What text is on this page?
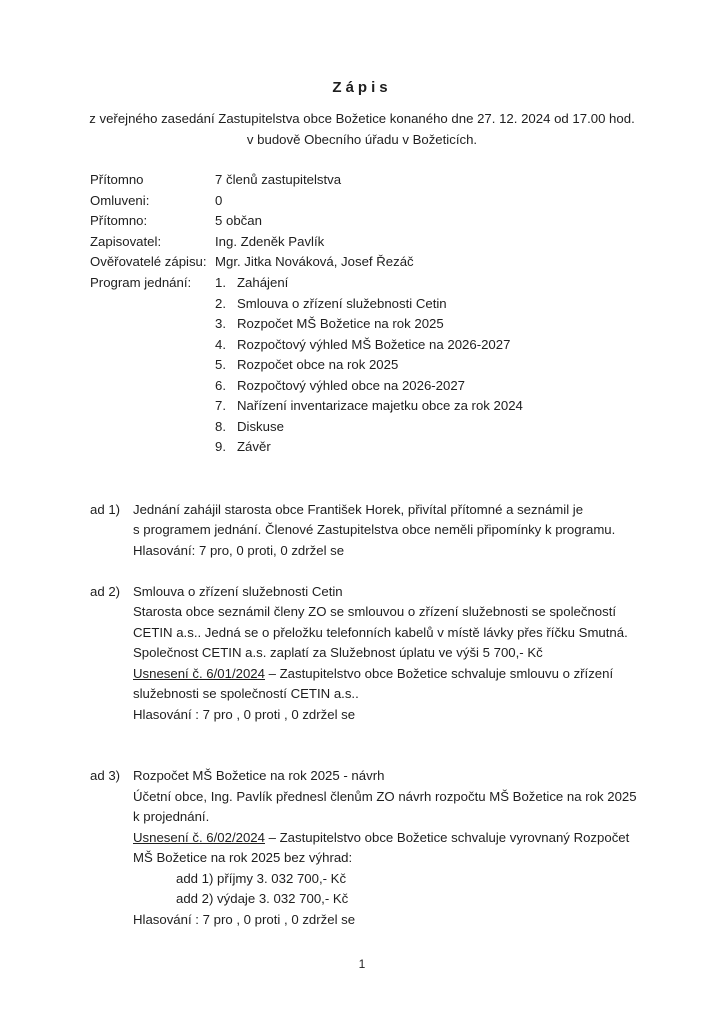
Zápis
z veřejného zasedání Zastupitelstva obce Božetice konaného dne 27. 12. 2024 od 17.00 hod.
v budově Obecního úřadu v Božeticích.
Přítomno	7 členů zastupitelstva
Omluveni:	0
Přítomno:	5 občan
Zapisovatel:	Ing. Zdeněk Pavlík
Ověřovatelé zápisu: Mgr. Jitka Nováková, Josef Řezáč
Program jednání: 1. Zahájení
2. Smlouva o zřízení služebnosti Cetin
3. Rozpočet MŠ Božetice na rok 2025
4. Rozpočtový výhled MŠ Božetice na 2026-2027
5. Rozpočet obce na rok 2025
6. Rozpočtový výhled obce na 2026-2027
7. Nařízení inventarizace majetku obce za rok 2024
8. Diskuse
9. Závěr
ad 1) Jednání zahájil starosta obce František Horek, přivítal přítomné a seznámil je
s programem jednání. Členové Zastupitelstva obce neměli připomínky k programu.
Hlasování: 7 pro, 0 proti, 0 zdržel se
ad 2) Smlouva o zřízení služebnosti Cetin
Starosta obce seznámil členy ZO se smlouvou o zřízení služebnosti se společností
CETIN a.s.. Jedná se o přeložku telefonních kabelů v místě lávky přes říčku Smutná.
Společnost CETIN a.s. zaplatí za Služebnost úplatu ve výši 5 700,- Kč
Usnesení č. 6/01/2024 – Zastupitelstvo obce Božetice schvaluje smlouvu o zřízení
služebnosti se společností CETIN a.s..
Hlasování : 7 pro , 0 proti , 0 zdržel se
ad 3) Rozpočet MŠ Božetice na rok 2025 - návrh
Účetní obce, Ing. Pavlík přednesl členům ZO návrh rozpočtu MŠ Božetice na rok 2025
k projednání.
Usnesení č. 6/02/2024 – Zastupitelstvo obce Božetice schvaluje vyrovnaný Rozpočet
MŠ Božetice na rok 2025 bez výhrad:
add 1) příjmy 3. 032 700,- Kč
add 2) výdaje 3. 032 700,- Kč
Hlasování : 7 pro , 0 proti , 0 zdržel se
1
